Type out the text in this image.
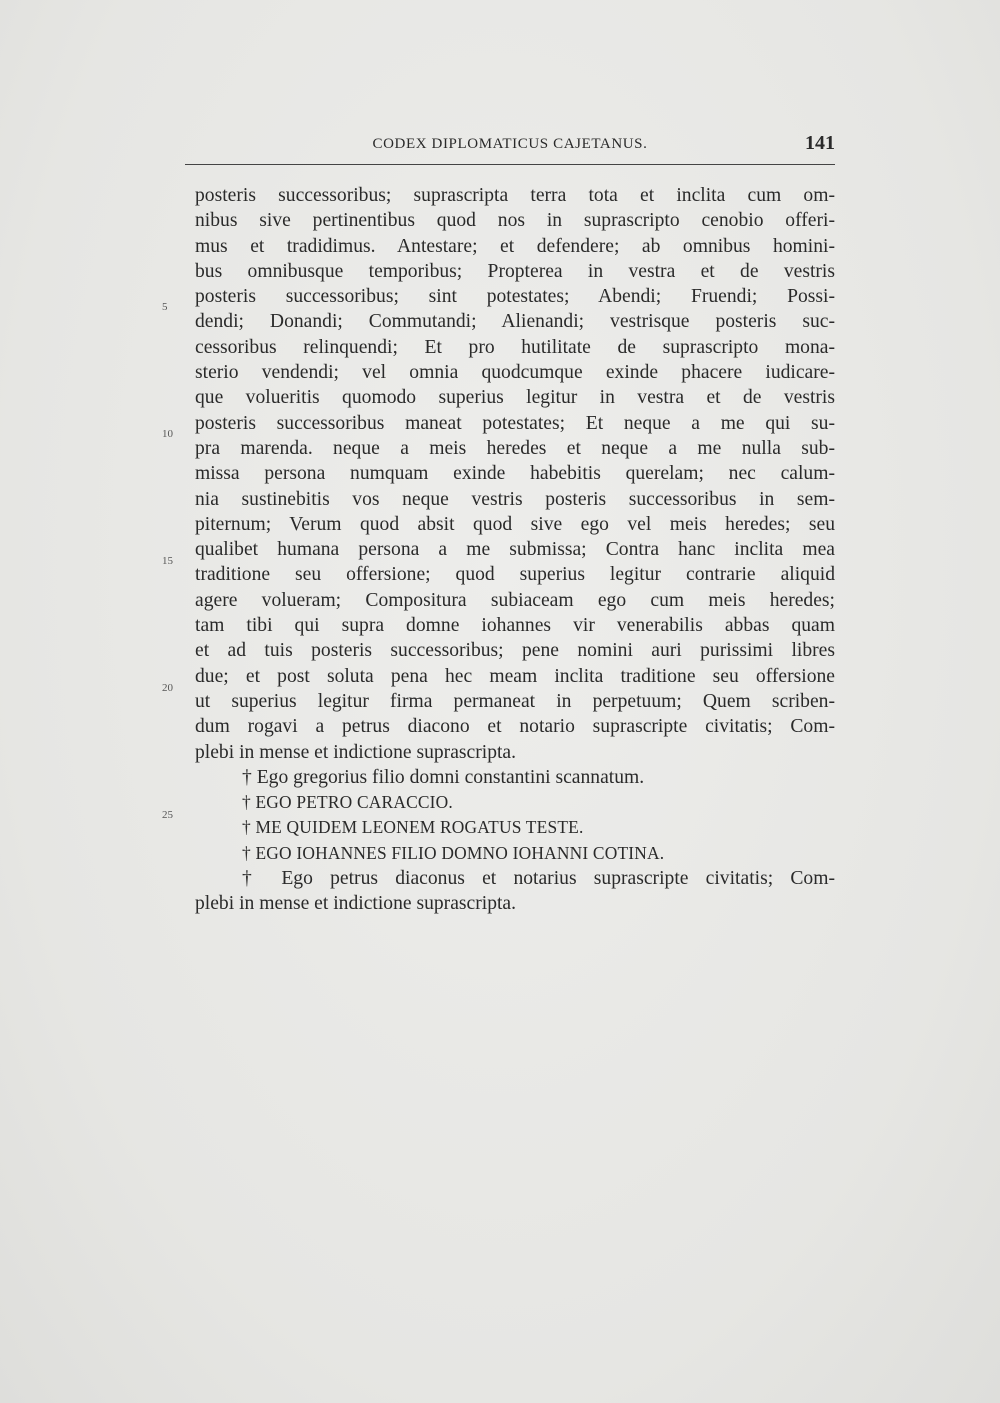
CODEX DIPLOMATICUS CAJETANUS.	141
5
10
15
20
25
posteris successoribus; suprascripta terra tota et inclita cum om-
nibus sive pertinentibus quod nos in suprascripto cenobio offeri-
mus et tradidimus. Antestare; et defendere; ab omnibus homini-
bus omnibusque temporibus; Propterea in vestra et de vestris
posteris successoribus; sint potestates; Abendi; Fruendi; Possi-
dendi; Donandi; Commutandi; Alienandi; vestrisque posteris suc-
cessoribus relinquendi; Et pro hutilitate de suprascripto mona-
sterio vendendi; vel omnia quodcumque exinde phacere iudicare-
que volueritis quomodo superius legitur in vestra et de vestris
posteris successoribus maneat potestates; Et neque a me qui su-
pra marenda. neque a meis heredes et neque a me nulla sub-
missa persona numquam exinde habebitis querelam; nec calum-
nia sustinebitis vos neque vestris posteris successoribus in sem-
piternum; Verum quod absit quod sive ego vel meis heredes; seu
qualibet humana persona a me submissa; Contra hanc inclita mea
traditione seu offersione; quod superius legitur contrarie aliquid
agere volueram; Compositura subiaceam ego cum meis heredes;
tam tibi qui supra domne iohannes vir venerabilis abbas quam
et ad tuis posteris successoribus; pene nomini auri purissimi libres
due; et post soluta pena hec meam inclita traditione seu offersione
ut superius legitur firma permaneat in perpetuum; Quem scriben-
dum rogavi a petrus diacono et notario suprascripte civitatis; Com-
plebi in mense et indictione suprascripta.
† Ego gregorius filio domni constantini scannatum.
† EGO PETRO CARACCIO.
† ME QUIDEM LEONEM ROGATUS TESTE.
† EGO IOHANNES FILIO DOMNO IOHANNI COTINA.
† Ego petrus diaconus et notarius suprascripte civitatis; Com-
plebi in mense et indictione suprascripta.
